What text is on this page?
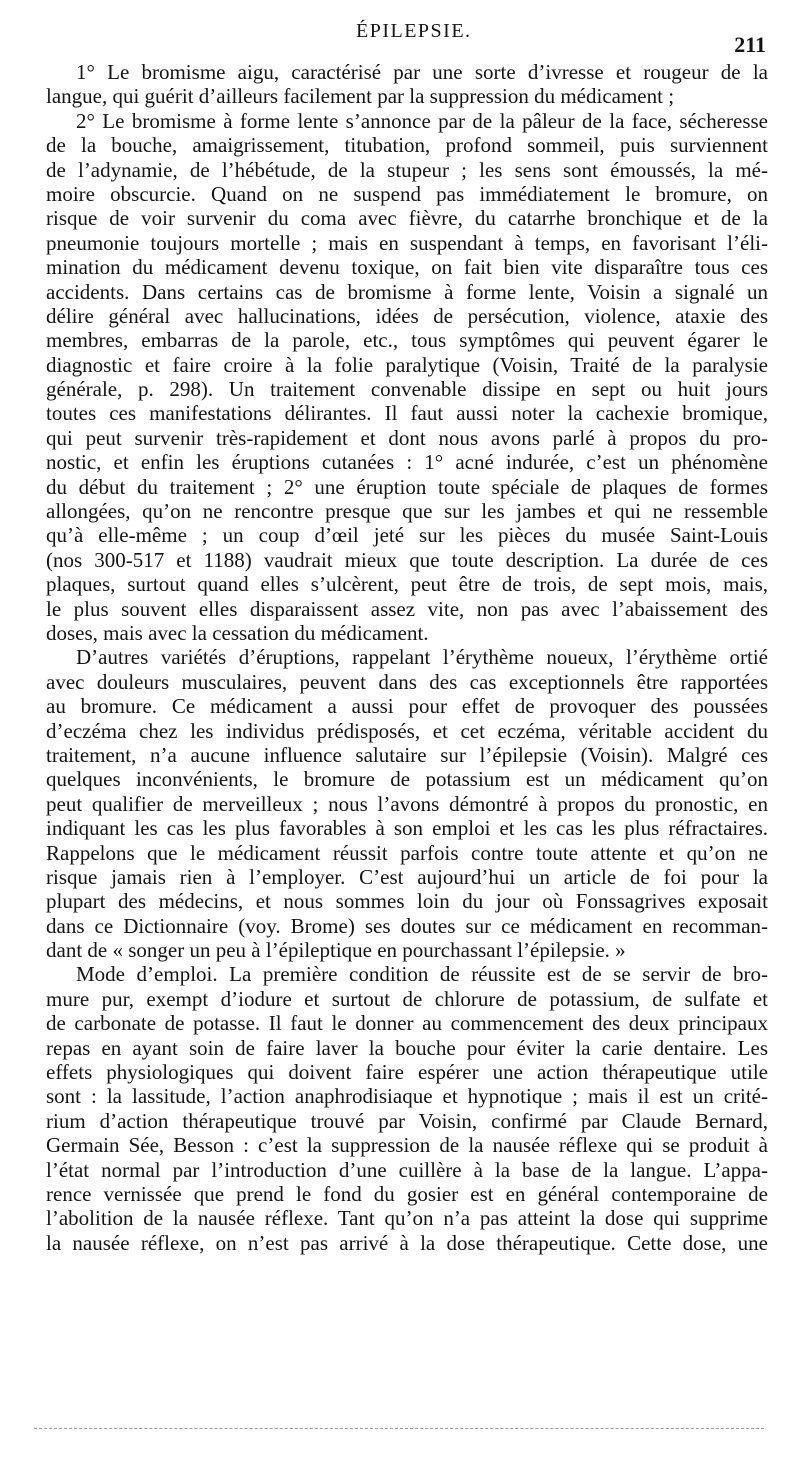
ÉPILEPSIE.
211
1° Le bromisme aigu, caractérisé par une sorte d’ivresse et rougeur de la
langue, qui guérit d’ailleurs facilement par la suppression du médicament ;
2° Le bromisme à forme lente s’annonce par de la pâleur de la face, sécheresse
de la bouche, amaigrissement, titubation, profond sommeil, puis surviennent
de l’adynamie, de l’hébétude, de la stupeur ; les sens sont émoussés, la mé-
moire obscurcie. Quand on ne suspend pas immédiatement le bromure, on
risque de voir survenir du coma avec fièvre, du catarrhe bronchique et de la
pneumonie toujours mortelle ; mais en suspendant à temps, en favorisant l’éli-
mination du médicament devenu toxique, on fait bien vite disparaître tous ces
accidents. Dans certains cas de bromisme à forme lente, Voisin a signalé un
délire général avec hallucinations, idées de persécution, violence, ataxie des
membres, embarras de la parole, etc., tous symptômes qui peuvent égarer le
diagnostic et faire croire à la folie paralytique (Voisin, Traité de la paralysie
générale, p. 298). Un traitement convenable dissipe en sept ou huit jours
toutes ces manifestations délirantes. Il faut aussi noter la cachexie bromique,
qui peut survenir très-rapidement et dont nous avons parlé à propos du pro-
nostic, et enfin les éruptions cutanées : 1° acné indurée, c’est un phénomène
du début du traitement ; 2° une éruption toute spéciale de plaques de formes
allongées, qu’on ne rencontre presque que sur les jambes et qui ne ressemble
qu’à elle-même ; un coup d’œil jeté sur les pièces du musée Saint-Louis
(nos 300-517 et 1188) vaudrait mieux que toute description. La durée de ces
plaques, surtout quand elles s’ulcèrent, peut être de trois, de sept mois, mais,
le plus souvent elles disparaissent assez vite, non pas avec l’abaissement des
doses, mais avec la cessation du médicament.
D’autres variétés d’éruptions, rappelant l’érythème noueux, l’érythème ortié
avec douleurs musculaires, peuvent dans des cas exceptionnels être rapportées
au bromure. Ce médicament a aussi pour effet de provoquer des poussées
d’eczéma chez les individus prédisposés, et cet eczéma, véritable accident du
traitement, n’a aucune influence salutaire sur l’épilepsie (Voisin). Malgré ces
quelques inconvénients, le bromure de potassium est un médicament qu’on
peut qualifier de merveilleux ; nous l’avons démontré à propos du pronostic, en
indiquant les cas les plus favorables à son emploi et les cas les plus réfractaires.
Rappelons que le médicament réussit parfois contre toute attente et qu’on ne
risque jamais rien à l’employer. C’est aujourd’hui un article de foi pour la
plupart des médecins, et nous sommes loin du jour où Fonssagrives exposait
dans ce Dictionnaire (voy. Brome) ses doutes sur ce médicament en recomman-
dant de « songer un peu à l’épileptique en pourchassant l’épilepsie. »
Mode d’emploi. La première condition de réussite est de se servir de bro-
mure pur, exempt d’iodure et surtout de chlorure de potassium, de sulfate et
de carbonate de potasse. Il faut le donner au commencement des deux principaux
repas en ayant soin de faire laver la bouche pour éviter la carie dentaire. Les
effets physiologiques qui doivent faire espérer une action thérapeutique utile
sont : la lassitude, l’action anaphrodisiaque et hypnotique ; mais il est un crité-
rium d’action thérapeutique trouvé par Voisin, confirmé par Claude Bernard,
Germain Sée, Besson : c’est la suppression de la nausée réflexe qui se produit à
l’état normal par l’introduction d’une cuillère à la base de la langue. L’appa-
rence vernissée que prend le fond du gosier est en général contemporaine de
l’abolition de la nausée réflexe. Tant qu’on n’a pas atteint la dose qui supprime
la nausée réflexe, on n’est pas arrivé à la dose thérapeutique. Cette dose, une
